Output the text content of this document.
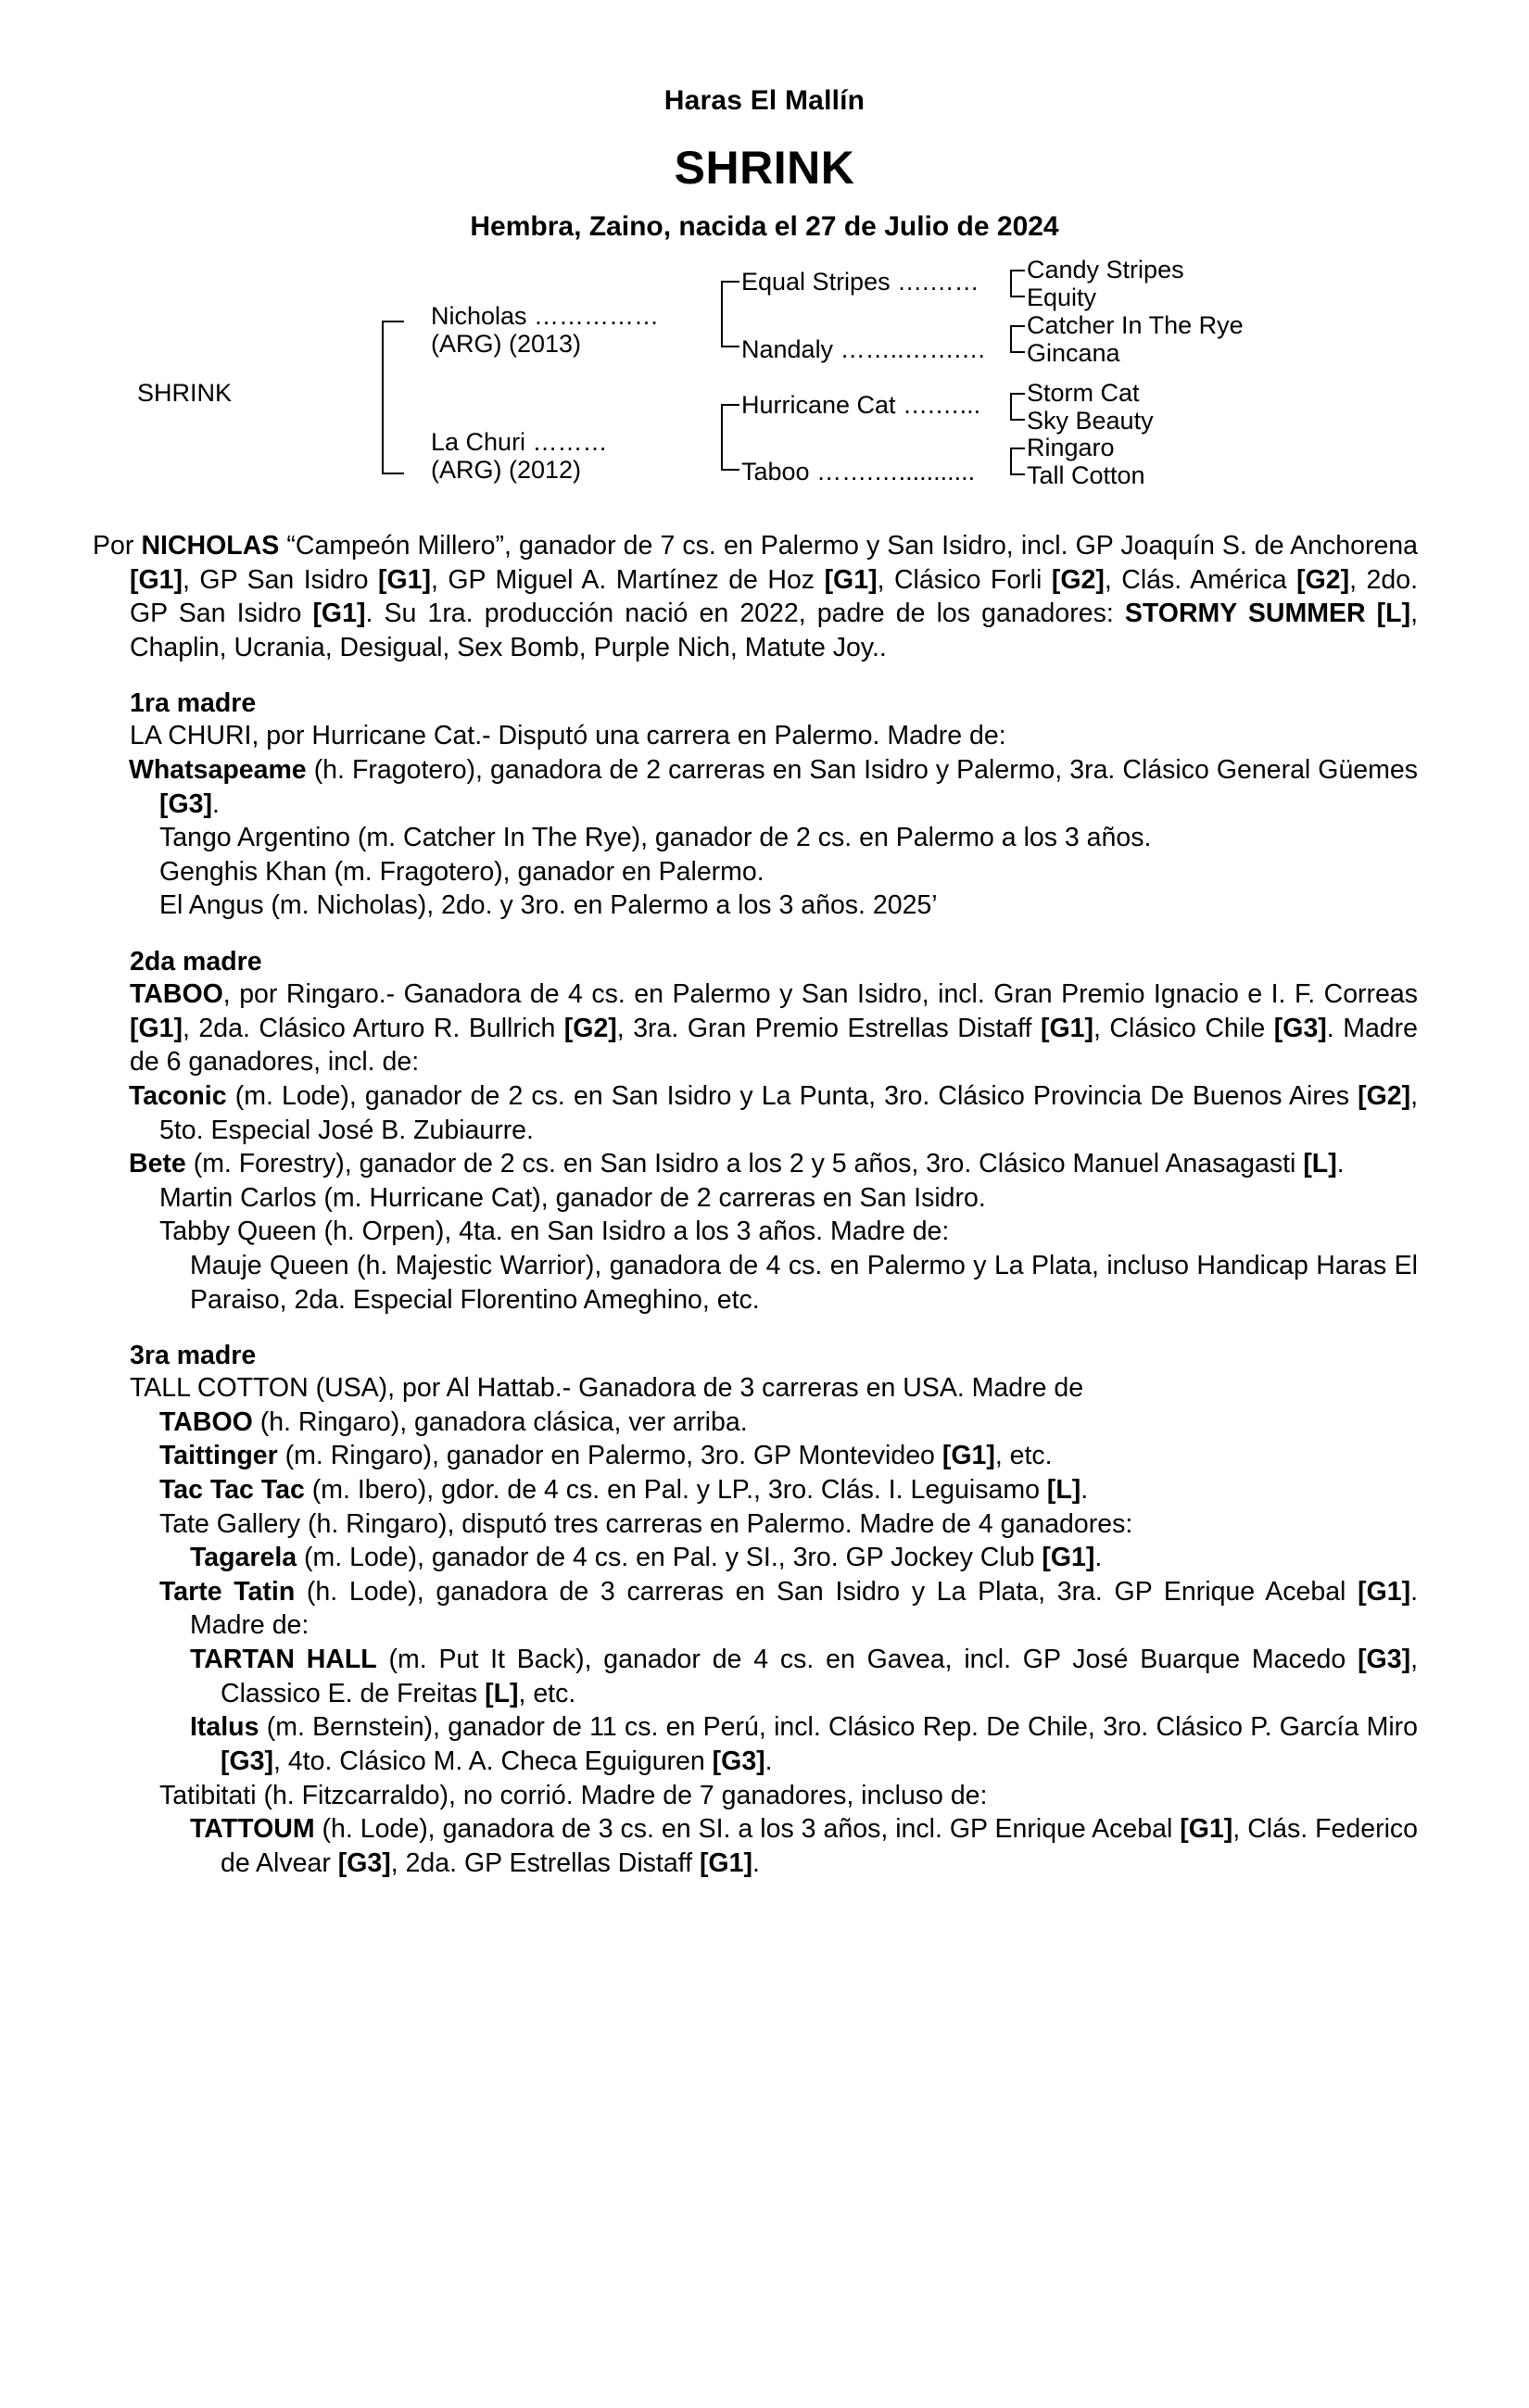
Haras El Mallín
SHRINK
Hembra, Zaino, nacida el 27 de Julio de 2024
SHRINK
Nicholas ……………
(ARG) (2013)
La Churi ………
(ARG) (2012)
Equal Stripes ….……
Nandaly ……..…….…
Hurricane Cat ….…...
Taboo …….…...........
Candy Stripes
Equity
Catcher In The Rye
Gincana
Storm Cat
Sky Beauty
Ringaro
Tall Cotton
Por NICHOLAS “Campeón Millero”, ganador de 7 cs. en Palermo y San Isidro, incl. GP Joaquín S. de Anchorena [G1], GP San Isidro [G1], GP Miguel A. Martínez de Hoz [G1], Clásico Forli [G2], Clás. América [G2], 2do. GP San Isidro [G1]. Su 1ra. producción nació en 2022, padre de los ganadores: STORMY SUMMER [L], Chaplin, Ucrania, Desigual, Sex Bomb, Purple Nich, Matute Joy..
1ra madre
LA CHURI, por Hurricane Cat.- Disputó una carrera en Palermo. Madre de:
Whatsapeame (h. Fragotero), ganadora de 2 carreras en San Isidro y Palermo, 3ra. Clásico General Güemes [G3].
Tango Argentino (m. Catcher In The Rye), ganador de 2 cs. en Palermo a los 3 años.
Genghis Khan (m. Fragotero), ganador en Palermo.
El Angus (m. Nicholas), 2do. y 3ro. en Palermo a los 3 años. 2025’
2da madre
TABOO, por Ringaro.- Ganadora de 4 cs. en Palermo y San Isidro, incl. Gran Premio Ignacio e I. F. Correas [G1], 2da. Clásico Arturo R. Bullrich [G2], 3ra. Gran Premio Estrellas Distaff [G1], Clásico Chile [G3]. Madre de 6 ganadores, incl. de:
Taconic (m. Lode), ganador de 2 cs. en San Isidro y La Punta, 3ro. Clásico Provincia De Buenos Aires [G2], 5to. Especial José B. Zubiaurre.
Bete (m. Forestry), ganador de 2 cs. en San Isidro a los 2 y 5 años, 3ro. Clásico Manuel Anasagasti [L].
Martin Carlos (m. Hurricane Cat), ganador de 2 carreras en San Isidro.
Tabby Queen (h. Orpen), 4ta. en San Isidro a los 3 años. Madre de:
Mauje Queen (h. Majestic Warrior), ganadora de 4 cs. en Palermo y La Plata, incluso Handicap Haras El Paraiso, 2da. Especial Florentino Ameghino, etc.
3ra madre
TALL COTTON (USA), por Al Hattab.- Ganadora de 3 carreras en USA. Madre de
TABOO (h. Ringaro), ganadora clásica, ver arriba.
Taittinger (m. Ringaro), ganador en Palermo, 3ro. GP Montevideo [G1], etc.
Tac Tac Tac (m. Ibero), gdor. de 4 cs. en Pal. y LP., 3ro. Clás. I. Leguisamo [L].
Tate Gallery (h. Ringaro), disputó tres carreras en Palermo. Madre de 4 ganadores:
Tagarela (m. Lode), ganador de 4 cs. en Pal. y SI., 3ro. GP Jockey Club [G1].
Tarte Tatin (h. Lode), ganadora de 3 carreras en San Isidro y La Plata, 3ra. GP Enrique Acebal [G1]. Madre de:
TARTAN HALL (m. Put It Back), ganador de 4 cs. en Gavea, incl. GP José Buarque Macedo [G3], Classico E. de Freitas [L], etc.
Italus (m. Bernstein), ganador de 11 cs. en Perú, incl. Clásico Rep. De Chile, 3ro. Clásico P. García Miro [G3], 4to. Clásico M. A. Checa Eguiguren [G3].
Tatibitati (h. Fitzcarraldo), no corrió. Madre de 7 ganadores, incluso de:
TATTOUM (h. Lode), ganadora de 3 cs. en SI. a los 3 años, incl. GP Enrique Acebal [G1], Clás. Federico de Alvear [G3], 2da. GP Estrellas Distaff [G1].
